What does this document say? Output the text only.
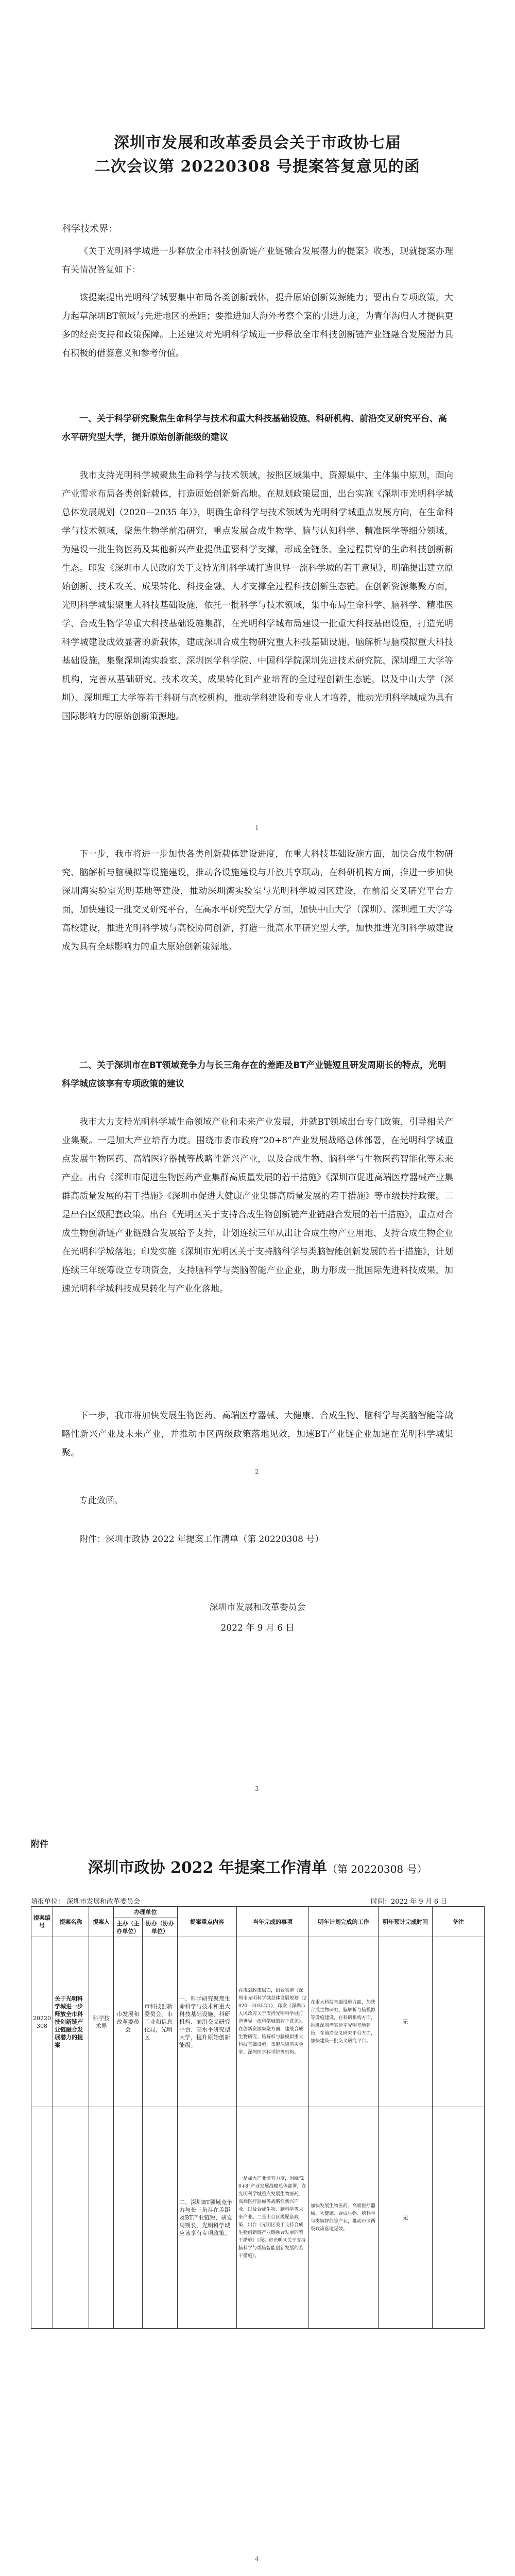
深圳市发展和改革委员会关于市政协七届
二次会议第 20220308 号提案答复意见的函
科学技术界：

《关于光明科学城进一步释放全市科技创新链产业链融合发展潜力的提案》收悉，现就提案办理有关情况答复如下：

该提案提出光明科学城要集中布局各类创新载体，提升原始创新策源能力；要出台专项政策，大力起草深圳BT领域与先进地区的差距；要推进加大海外考察个案的引进力度，为青年海归人才提供更多的经费支持和政策保障。上述建议对光明科学城进一步释放全市科技创新链产业链融合发展潜力具有积极的借鉴意义和参考价值。

一、关于科学研究聚焦生命科学与技术和重大科技基础设施、科研机构、前沿交叉研究平台、高水平研究型大学，提升原始创新能级的建议

我市支持光明科学城聚焦生命科学与技术领域，按照区域集中、资源集中、主体集中原则，面向产业需求布局各类创新载体，打造原始创新新高地。在规划政策层面，出台实施《深圳市光明科学城总体发展规划（2020—2035 年）》，明确生命科学与技术领域为光明科学城重点发展方向，在生命科学与技术领域，聚焦生物学前沿研究，重点发展合成生物学、脑与认知科学、精准医学等细分领域，为建设一批生物医药及其他新兴产业提供重要科学支撑，形成全链条、全过程贯穿的生命科技创新新生态。印发《深圳市人民政府关于支持光明科学城打造世界一流科学城的若干意见》，明确提出建立原始创新、技术攻关、成果转化、科技金融、人才支撑全过程科技创新生态链。在创新资源集聚方面，光明科学城集聚重大科技基础设施，依托一批科学与技术领域，集中布局生命科学、脑科学、精准医学、合成生物学等重大科技基础设施集群，在光明科学城布局建设一批重大科技基础设施，打造光明科学城建设成效显著的新载体，建成深圳合成生物研究重大科技基础设施、脑解析与脑模拟重大科技基础设施，集聚深圳湾实验室、深圳医学科学院、中国科学院深圳先进技术研究院、深圳理工大学等机构，完善从基础研究、技术攻关、成果转化到产业培育的全过程创新生态链，以及中山大学（深圳）、深圳理工大学等若干科研与高校机构，推动学科建设和专业人才培养，推动光明科学城成为具有国际影响力的原始创新策源地。

1

下一步，我市将进一步加快各类创新载体建设进度，在重大科技基础设施方面，加快合成生物研究、脑解析与脑模拟等设施建设，推动各设施建设与开放共享联动，在科研机构方面，推进一步加快深圳湾实验室光明基地等建设，推动深圳湾实验室与光明科学城园区建设，在前沿交叉研究平台方面，加快建设一批交叉研究平台，在高水平研究型大学方面，加快中山大学（深圳）、深圳理工大学等高校建设，推进光明科学城与高校协同创新，打造一批高水平研究型大学，加快推进光明科学城建设成为具有全球影响力的重大原始创新策源地。

二、关于深圳市在BT领域竞争力与长三角存在的差距及BT产业链短且研发周期长的特点，光明科学城应该享有专项政策的建议

我市大力支持光明科学城生命领域产业和未来产业发展，并就BT领域出台专门政策，引导相关产业集聚。一是加大产业培育力度。围绕市委市政府“20+8”产业发展战略总体部署，在光明科学城重点发展生物医药、高端医疗器械等战略性新兴产业，以及合成生物、脑科学与生物医药智能化等未来产业。出台《深圳市促进生物医药产业集群高质量发展的若干措施》《深圳市促进高端医疗器械产业集群高质量发展的若干措施》《深圳市促进大健康产业集群高质量发展的若干措施》等市级扶持政策。二是出台区级配套政策。出台《光明区关于支持合成生物创新链产业链融合发展的若干措施》，重点对合成生物创新链产业链融合发展给予支持，计划连续三年从出让合成生物产业用地、支持合成生物企业在光明科学城落地；印发实施《深圳市光明区关于支持脑科学与类脑智能创新发展的若干措施》，计划连续三年统筹设立专项资金，支持脑科学与类脑智能产业企业，助力形成一批国际先进科技成果，加速光明科学城科技成果转化与产业化落地。

下一步，我市将加快发展生物医药、高端医疗器械、大健康、合成生物、脑科学与类脑智能等战略性新兴产业及未来产业，并推动市区两级政策落地见效，加速BT产业链企业加速在光明科学城集聚。

2

专此致函。

附件：深圳市政协 2022 年提案工作清单（第 20220308 号）

深圳市发展和改革委员会
2022 年 9 月 6 日
3
附件
深圳市政协 2022 年提案工作清单（第 20220308 号）
填报单位： 深圳市发展和改革委员会	时间：2022 年 9 月 6 日
提案编号	提案名称	提案人	办理单位		提案重点内容	当年完成的事项	明年计划完成的工作	明年预计完成时间	备注
			主办（主办单位）	协办（协办单位）					
20220308	关于光明科学城进一步释放全市科技创新链产业链融合发展潜力的提案	科学技术界	市发展和改革委员会	市科技创新委员会，市工业和信息化局，光明区	一、科学研究聚焦生命科学与技术和重大科技基础设施、科研机构、前沿交叉研究平台、高水平研究型大学，提升原始创新能级。	在规划政策层面，出台实施《深圳市光明科学城总体发展规划（2020—2035年）》，印发《深圳市人民政府关于支持光明科学城打造世界一流科学城的若干意见》。在创新资源集聚方面，建成合成生物研究、脑解析与脑模拟重大科技基础设施，集聚深圳湾实验室、深圳医学科学院等机构。	在重大科技基础设施方面，加快合成生物研究、脑解析与脑模拟等设施建设，在科研机构方面，推进深圳湾实验室光明基地建设，在前沿交叉研究平台方面，加快建设一批交叉研究平台。	无	
					二、深圳BT领域竞争力与长三角存在差距及BT产业链短、研发周期长，光明科学城应该享有专项政策。	一是加大产业培育力度，围绕“20+8”产业发展战略总体部署，在光明科学城重点发展生物医药、高端医疗器械等战略性新兴产业，以及合成生物、脑科学等未来产业。二是出台区级配套政策，出台《光明区关于支持合成生物创新链产业链融合发展的若干措施》《深圳市光明区关于支持脑科学与类脑智能创新发展的若干措施》。	加快发展生物医药、高端医疗器械、大健康、合成生物、脑科学与类脑智能等产业，推动市区两级政策落地见效。	无	
4
